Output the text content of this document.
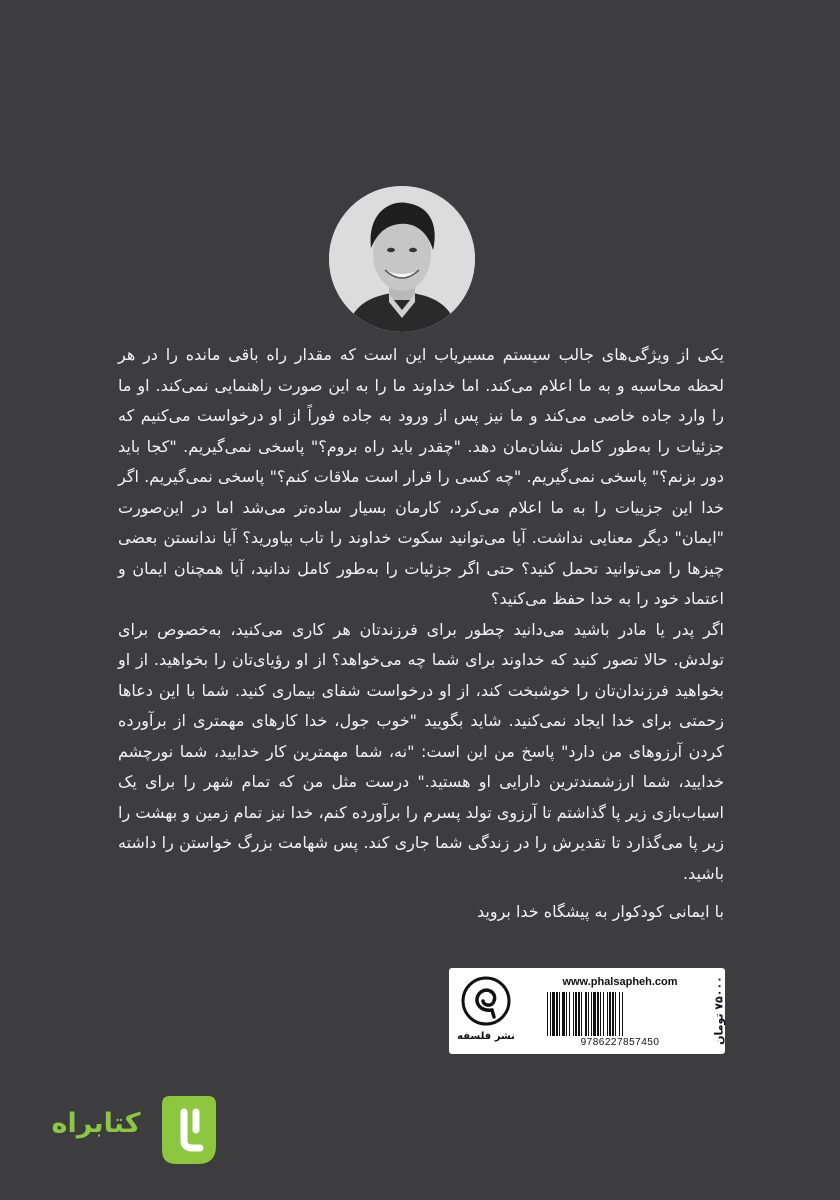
یکی از ویژگی‌های جالب سیستم مسیریاب این است که مقدار راه باقی مانده را در هر لحظه محاسبه و به ما اعلام می‌کند. اما خداوند ما را به این صورت راهنمایی نمی‌کند. او ما را وارد جاده خاصی می‌کند و ما نیز پس از ورود به جاده فوراً از او درخواست می‌کنیم که جزئیات را به‌طور کامل نشان‌مان دهد. "چقدر باید راه بروم؟" پاسخی نمی‌گیریم. "کجا باید دور بزنم؟" پاسخی نمی‌گیریم. "چه کسی را قرار است ملاقات کنم؟" پاسخی نمی‌گیریم. اگر خدا این جزییات را به ما اعلام می‌کرد، کارمان بسیار ساده‌تر می‌شد اما در این‌صورت "ایمان" دیگر معنایی نداشت. آیا می‌توانید سکوت خداوند را تاب بیاورید؟ آیا ندانستن بعضی چیزها را می‌توانید تحمل کنید؟ حتی اگر جزئیات را به‌طور کامل ندانید، آیا همچنان ایمان و اعتماد خود را به خدا حفظ می‌کنید؟

اگر پدر یا مادر باشید می‌دانید چطور برای فرزندتان هر کاری می‌کنید، به‌خصوص برای تولدش. حالا تصور کنید که خداوند برای شما چه می‌خواهد؟ از او رؤیای‌تان را بخواهید. از او بخواهید فرزندان‌تان را خوشبخت کند، از او درخواست شفای بیماری کنید. شما با این دعاها زحمتی برای خدا ایجاد نمی‌کنید. شاید بگویید "خوب جول، خدا کارهای مهمتری از برآورده کردن آرزوهای من دارد" پاسخ من این است: "نه، شما مهمترین کار خدایید، شما نورچشم خدایید، شما ارزشمندترین دارایی او هستید." درست مثل من که تمام شهر را برای یک اسباب‌بازی زیر پا گذاشتم تا آرزوی تولد پسرم را برآورده کنم، خدا نیز تمام زمین و بهشت را زیر پا می‌گذارد تا تقدیرش را در زندگی شما جاری کند. پس شهامت بزرگ خواستن را داشته باشید.

با ایمانی کودکوار به پیشگاه خدا بروید

نشر فلسفه
www.phalsapheh.com
9786227857450	۷۵۰۰۰ تومان
کتابراه
